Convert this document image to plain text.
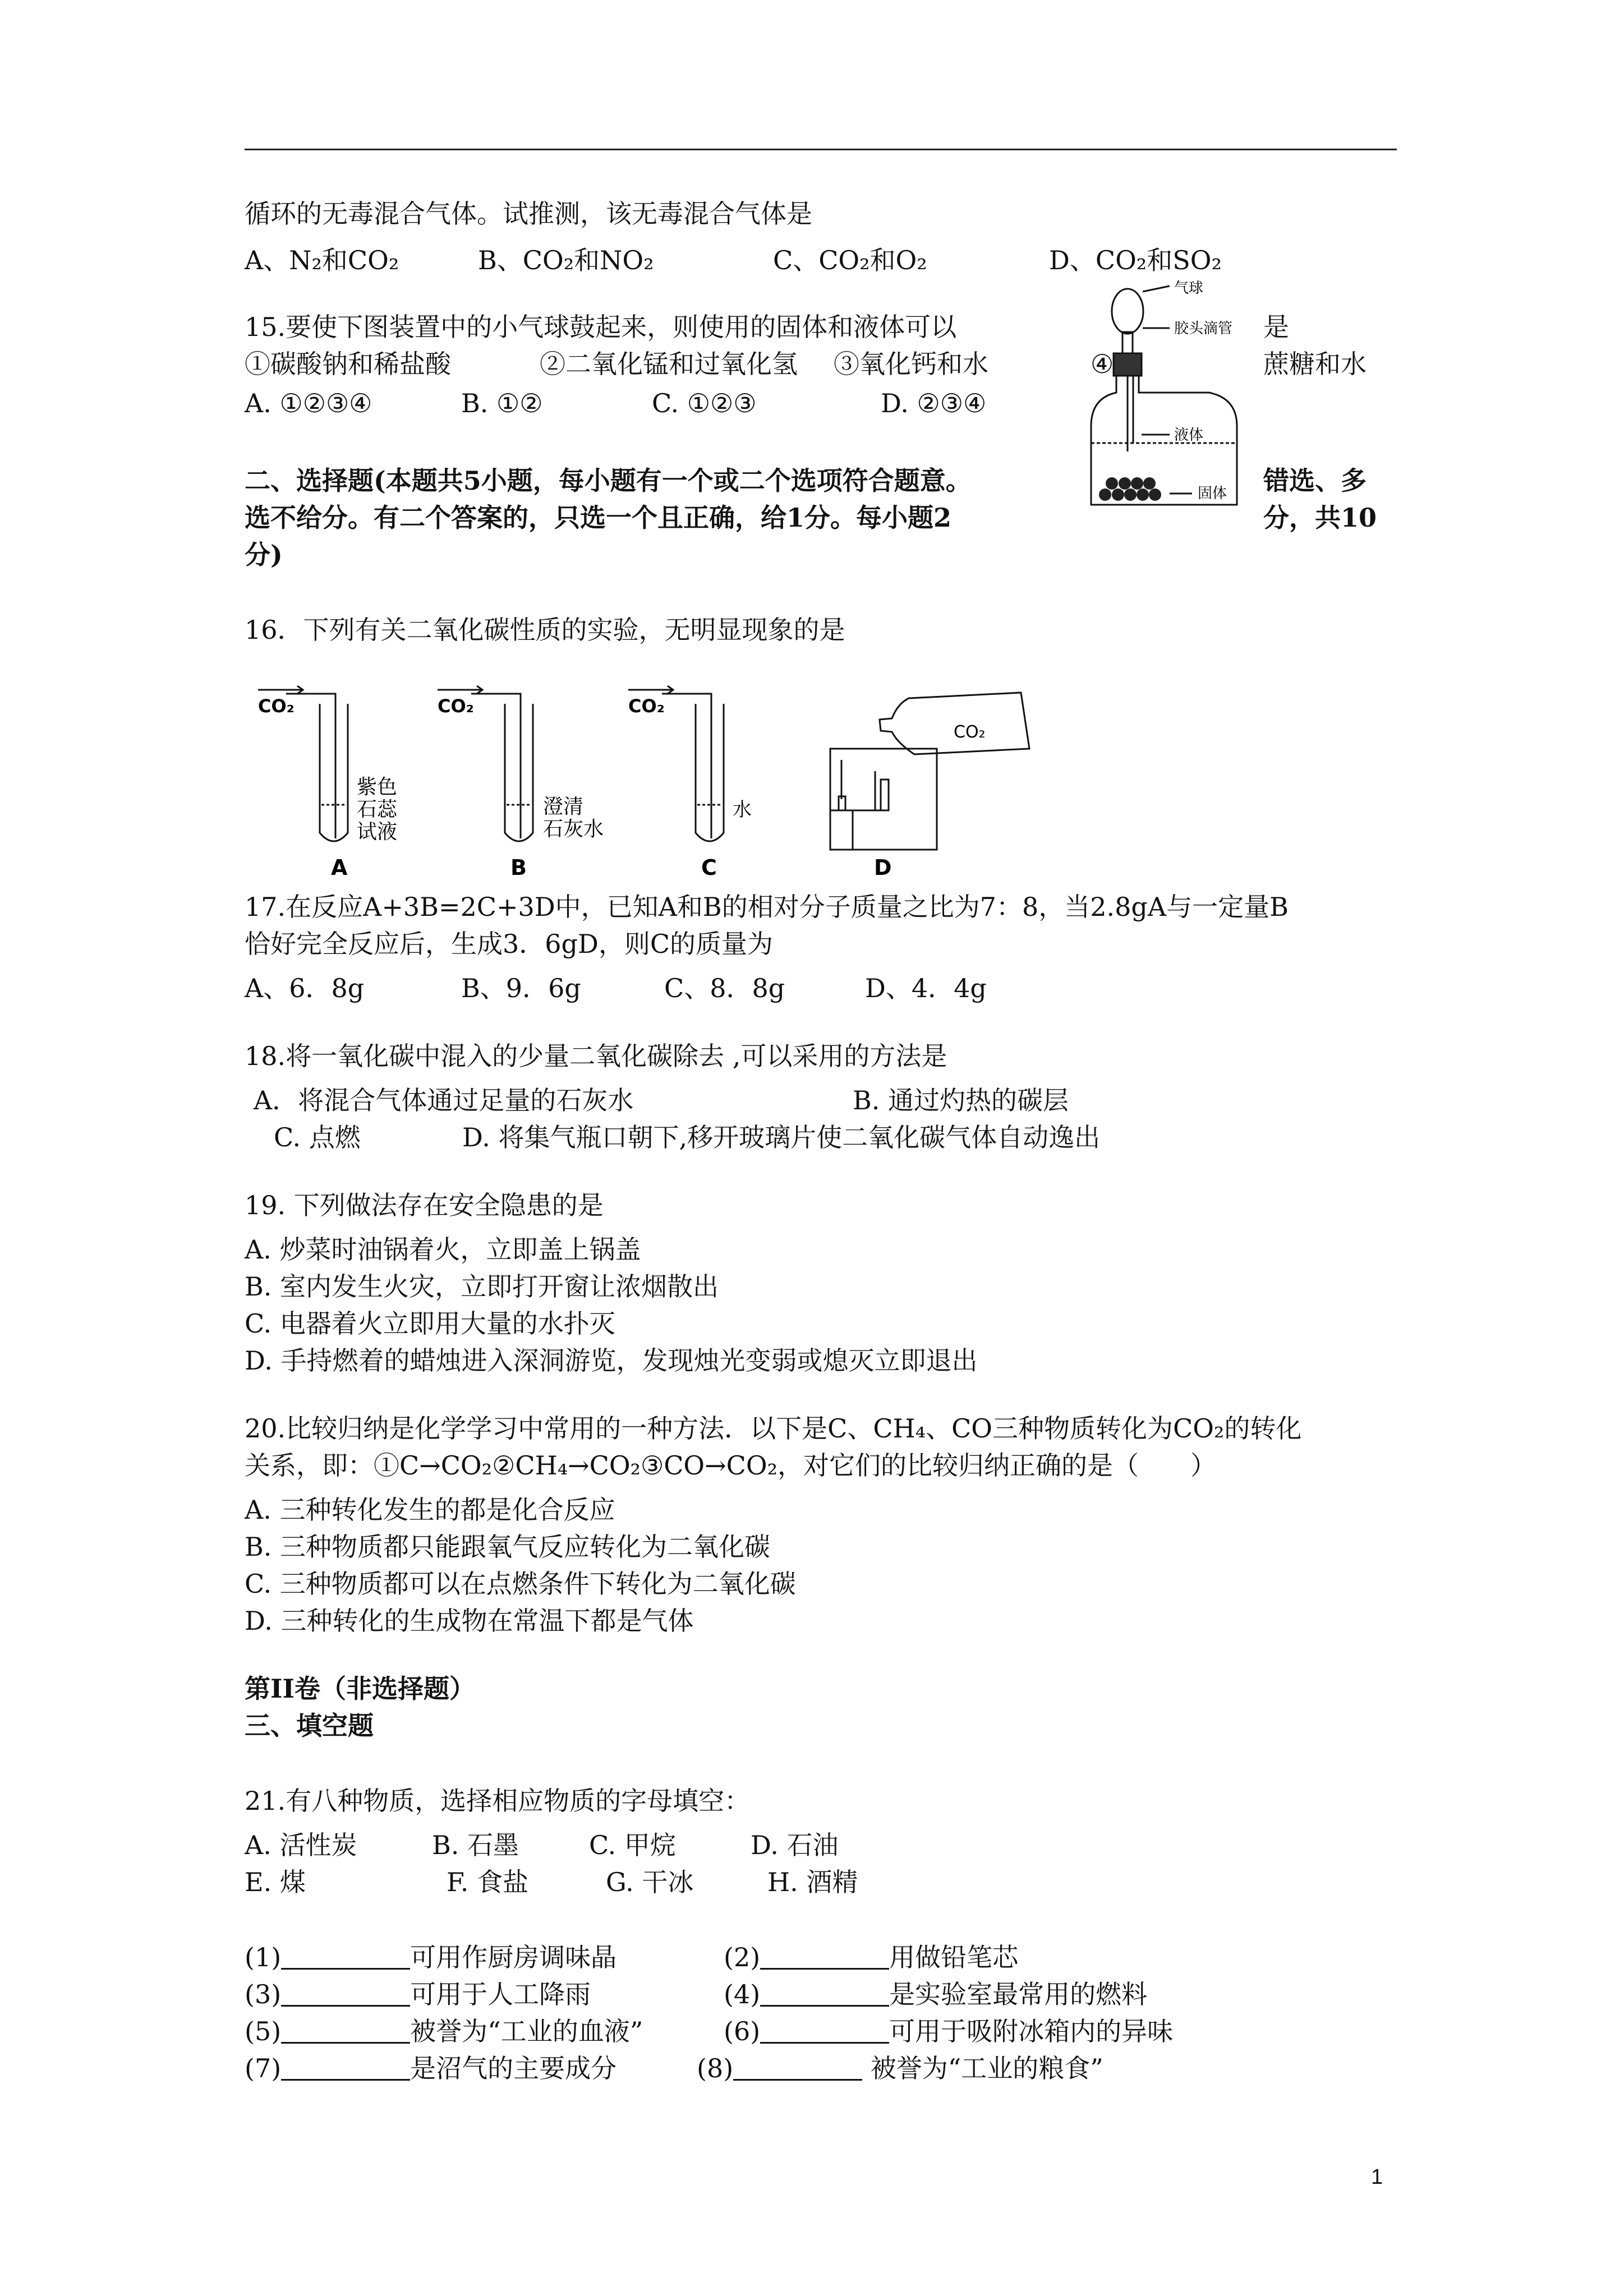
循环的无毒混合气体。试推测，该无毒混合气体是
A、N₂和CO₂	B、CO₂和NO₂	C、CO₂和O₂	D、CO₂和SO₂
15.要使下图装置中的小气球鼓起来，则使用的固体和液体可以	是
①碳酸钠和稀盐酸	②二氧化锰和过氧化氢 ③氧化钙和水	④	蔗糖和水
A. ①②③④	B. ①②	C. ①②③	D. ②③④
气球
胶头滴管
液体
固体
二、选择题(本题共5小题，每小题有一个或二个选项符合题意。	错选、多
选不给分。有二个答案的，只选一个且正确，给1分。每小题2	分，共10
分)
16．下列有关二氧化碳性质的实验，无明显现象的是
CO₂	CO₂	CO₂
CO₂
紫色
石蕊
试液
澄清
石灰水
水
A	B	C	D
17.在反应A+3B=2C+3D中，已知A和B的相对分子质量之比为7：8，当2.8gA与一定量B
恰好完全反应后，生成3．6gD，则C的质量为
A、6．8g	B、9．6g	C、8．8g	D、4．4g
18.将一氧化碳中混入的少量二氧化碳除去 ,可以采用的方法是
A．将混合气体通过足量的石灰水	B. 通过灼热的碳层
C. 点燃	D. 将集气瓶口朝下,移开玻璃片使二氧化碳气体自动逸出
19. 下列做法存在安全隐患的是
A. 炒菜时油锅着火，立即盖上锅盖
B. 室内发生火灾，立即打开窗让浓烟散出
C. 电器着火立即用大量的水扑灭
D. 手持燃着的蜡烛进入深洞游览，发现烛光变弱或熄灭立即退出
20.比较归纳是化学学习中常用的一种方法．以下是C、CH₄、CO三种物质转化为CO₂的转化
关系，即：①C→CO₂②CH₄→CO₂③CO→CO₂，对它们的比较归纳正确的是（　　）
A. 三种转化发生的都是化合反应
B. 三种物质都只能跟氧气反应转化为二氧化碳
C. 三种物质都可以在点燃条件下转化为二氧化碳
D. 三种转化的生成物在常温下都是气体
第II卷（非选择题）
三、填空题
21.有八种物质，选择相应物质的字母填空：
A. 活性炭	B. 石墨	C. 甲烷	D. 石油
E. 煤	F. 食盐	G. 干冰	H. 酒精
(1)	可用作厨房调味晶	(2)	用做铅笔芯
(3)	可用于人工降雨	(4)	是实验室最常用的燃料
(5)	被誉为“工业的血液”	(6)	可用于吸附冰箱内的异味
(7)	是沼气的主要成分	(8)	被誉为“工业的粮食”
1
